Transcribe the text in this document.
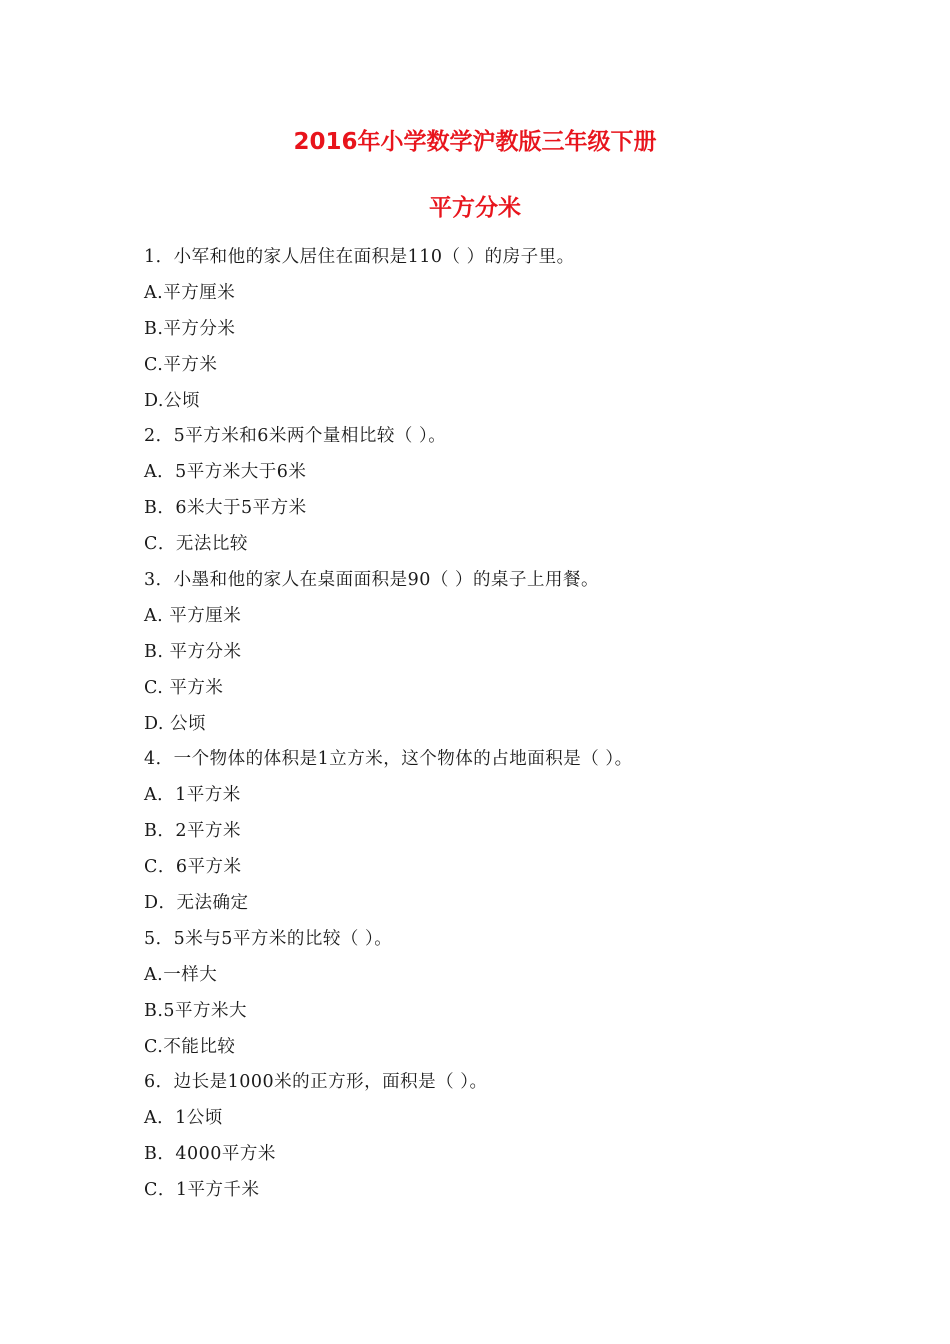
2016年小学数学沪教版三年级下册
平方分米
1．小军和他的家人居住在面积是110（ ）的房子里。
A.平方厘米
B.平方分米
C.平方米
D.公顷
2．5平方米和6米两个量相比较（ ）。
A．5平方米大于6米
B．6米大于5平方米
C．无法比较
3．小墨和他的家人在桌面面积是90（ ）的桌子上用餐。
A. 平方厘米
B. 平方分米
C. 平方米
D. 公顷
4．一个物体的体积是1立方米，这个物体的占地面积是（ ）。
A．1平方米
B．2平方米
C．6平方米
D．无法确定
5．5米与5平方米的比较（ ）。
A.一样大
B.5平方米大
C.不能比较
6．边长是1000米的正方形，面积是（ ）。
A．1公顷
B．4000平方米
C．1平方千米
